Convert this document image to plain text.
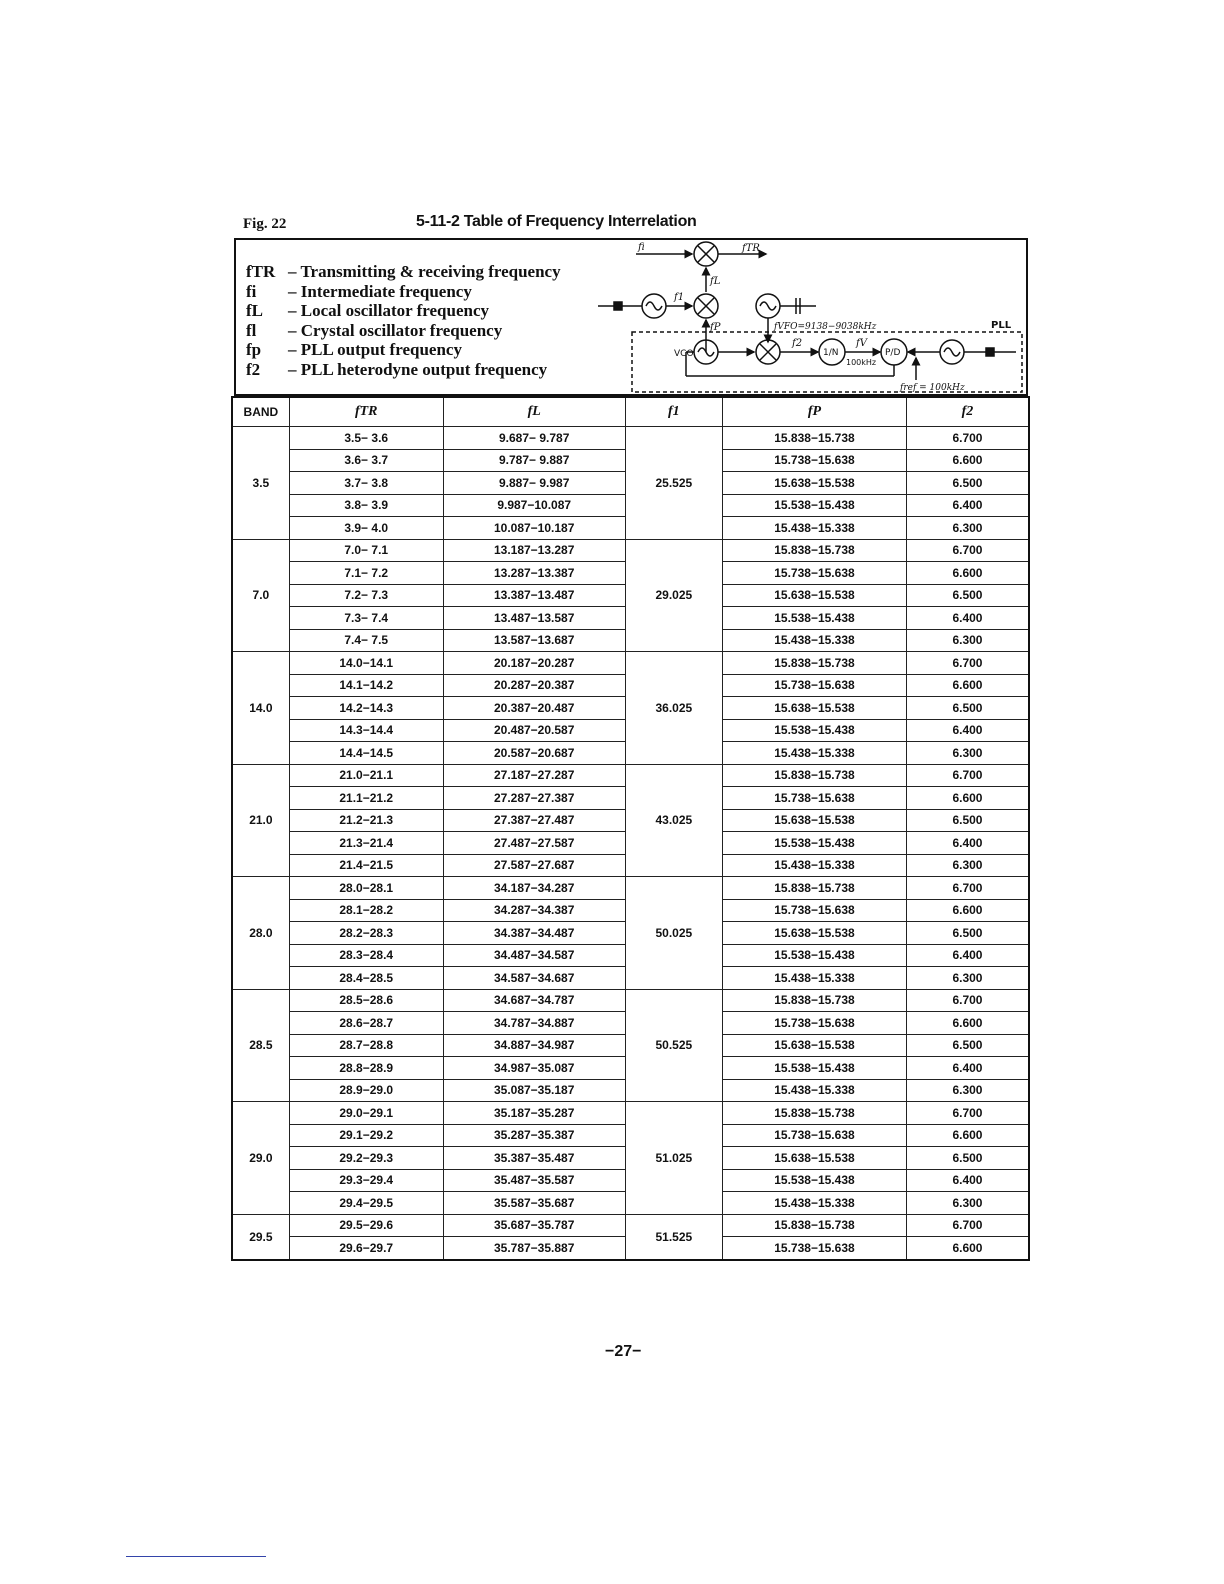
Fig. 22	5-11-2 Table of Frequency Interrelation
fTR – Transmitting & receiving frequency
fi	– Intermediate frequency
fL	– Local oscillator frequency
fl	– Crystal oscillator frequency
fp	– PLL output frequency
f2	– PLL heterodyne output frequency
fi	fTR
fL
f1
fP	fVFO=9138−9038kHz
f2	fV
fref = 100kHz
PLL
VCO	1/N
100kHz
P/D
BAND	fTR	fL	f1	fP	f2
3.5	3.5− 3.6	9.687− 9.787	25.525	15.838−15.738	6.700
	3.6− 3.7	9.787− 9.887		15.738−15.638	6.600
	3.7− 3.8	9.887− 9.987		15.638−15.538	6.500
	3.8− 3.9	9.987−10.087		15.538−15.438	6.400
	3.9− 4.0	10.087−10.187		15.438−15.338	6.300
7.0	7.0− 7.1	13.187−13.287	29.025	15.838−15.738	6.700
	7.1− 7.2	13.287−13.387		15.738−15.638	6.600
	7.2− 7.3	13.387−13.487		15.638−15.538	6.500
	7.3− 7.4	13.487−13.587		15.538−15.438	6.400
	7.4− 7.5	13.587−13.687		15.438−15.338	6.300
14.0	14.0−14.1	20.187−20.287	36.025	15.838−15.738	6.700
	14.1−14.2	20.287−20.387		15.738−15.638	6.600
	14.2−14.3	20.387−20.487		15.638−15.538	6.500
	14.3−14.4	20.487−20.587		15.538−15.438	6.400
	14.4−14.5	20.587−20.687		15.438−15.338	6.300
21.0	21.0−21.1	27.187−27.287	43.025	15.838−15.738	6.700
	21.1−21.2	27.287−27.387		15.738−15.638	6.600
	21.2−21.3	27.387−27.487		15.638−15.538	6.500
	21.3−21.4	27.487−27.587		15.538−15.438	6.400
	21.4−21.5	27.587−27.687		15.438−15.338	6.300
28.0	28.0−28.1	34.187−34.287	50.025	15.838−15.738	6.700
	28.1−28.2	34.287−34.387		15.738−15.638	6.600
	28.2−28.3	34.387−34.487		15.638−15.538	6.500
	28.3−28.4	34.487−34.587		15.538−15.438	6.400
	28.4−28.5	34.587−34.687		15.438−15.338	6.300
28.5	28.5−28.6	34.687−34.787	50.525	15.838−15.738	6.700
	28.6−28.7	34.787−34.887		15.738−15.638	6.600
	28.7−28.8	34.887−34.987		15.638−15.538	6.500
	28.8−28.9	34.987−35.087		15.538−15.438	6.400
	28.9−29.0	35.087−35.187		15.438−15.338	6.300
29.0	29.0−29.1	35.187−35.287	51.025	15.838−15.738	6.700
	29.1−29.2	35.287−35.387		15.738−15.638	6.600
	29.2−29.3	35.387−35.487		15.638−15.538	6.500
	29.3−29.4	35.487−35.587		15.538−15.438	6.400
	29.4−29.5	35.587−35.687		15.438−15.338	6.300
29.5	29.5−29.6	35.687−35.787	51.525	15.838−15.738	6.700
	29.6−29.7	35.787−35.887		15.738−15.638	6.600
−27−
